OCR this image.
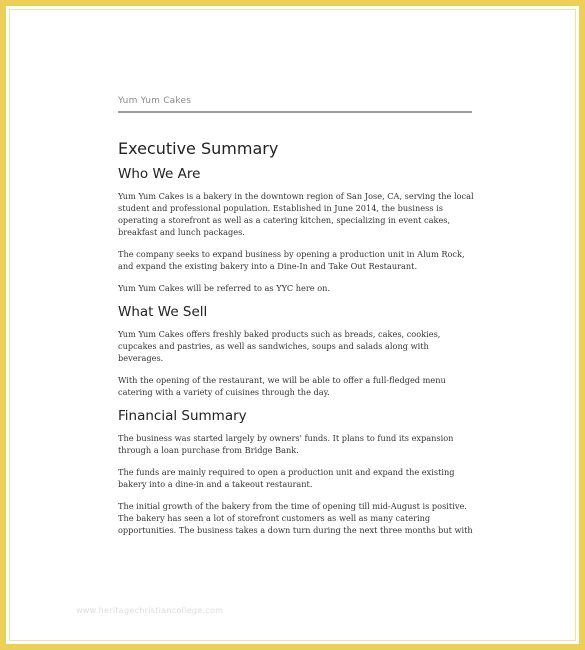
Yum Yum Cakes
Executive Summary
Who We Are

Yum Yum Cakes is a bakery in the downtown region of San Jose, CA, serving the local student and professional population. Established in June 2014, the business is operating a storefront as well as a catering kitchen, specializing in event cakes, breakfast and lunch packages.

The company seeks to expand business by opening a production unit in Alum Rock, and expand the existing bakery into a Dine-In and Take Out Restaurant.

Yum Yum Cakes will be referred to as YYC here on.

What We Sell

Yum Yum Cakes offers freshly baked products such as breads, cakes, cookies, cupcakes and pastries, as well as sandwiches, soups and salads along with beverages.

With the opening of the restaurant, we will be able to offer a full-fledged menu catering with a variety of cuisines through the day.

Financial Summary

The business was started largely by owners' funds. It plans to fund its expansion through a loan purchase from Bridge Bank.

The funds are mainly required to open a production unit and expand the existing bakery into a dine-in and a takeout restaurant.

The initial growth of the bakery from the time of opening till mid-August is positive. The bakery has seen a lot of storefront customers as well as many catering opportunities. The business takes a down turn during the next three months but with

www.heritagechristiancollege.com
